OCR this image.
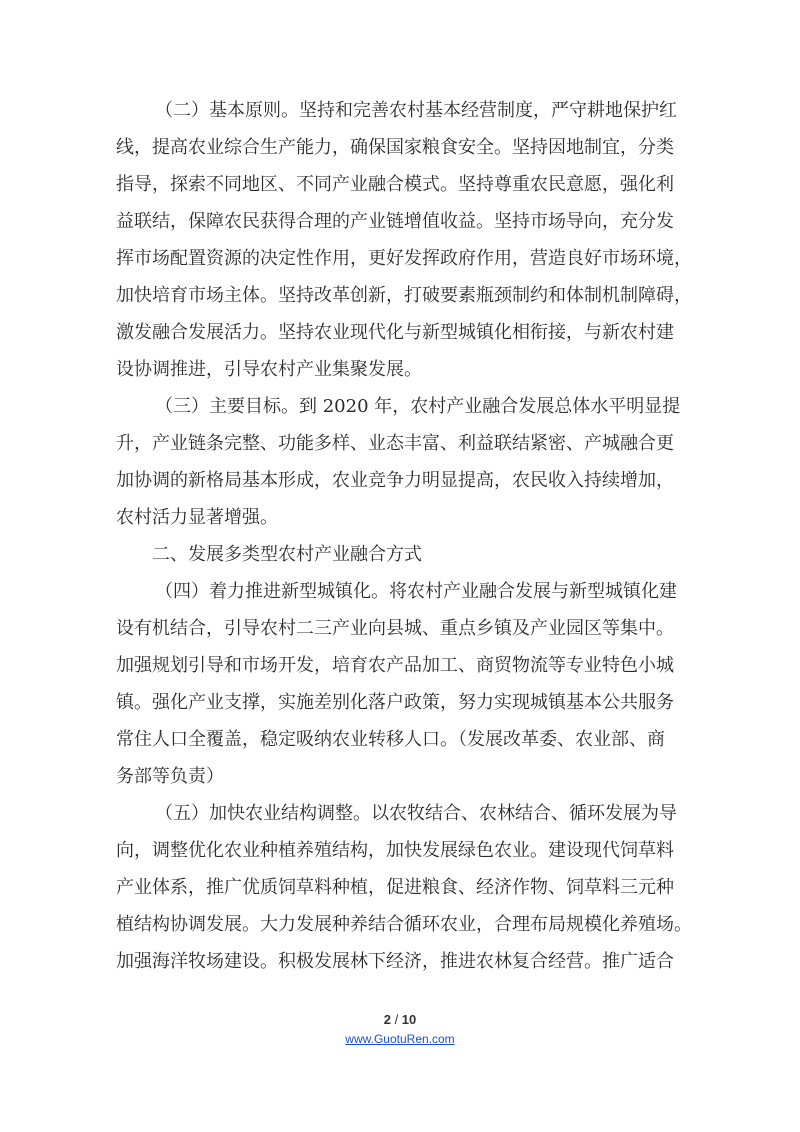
（二）基本原则。坚持和完善农村基本经营制度，严守耕地保护红
线，提高农业综合生产能力，确保国家粮食安全。坚持因地制宜，分类
指导，探索不同地区、不同产业融合模式。坚持尊重农民意愿，强化利
益联结，保障农民获得合理的产业链增值收益。坚持市场导向，充分发
挥市场配置资源的决定性作用，更好发挥政府作用，营造良好市场环境，
加快培育市场主体。坚持改革创新，打破要素瓶颈制约和体制机制障碍，
激发融合发展活力。坚持农业现代化与新型城镇化相衔接，与新农村建
设协调推进，引导农村产业集聚发展。
（三）主要目标。到 2020 年，农村产业融合发展总体水平明显提
升，产业链条完整、功能多样、业态丰富、利益联结紧密、产城融合更
加协调的新格局基本形成，农业竞争力明显提高，农民收入持续增加，
农村活力显著增强。
二、发展多类型农村产业融合方式
（四）着力推进新型城镇化。将农村产业融合发展与新型城镇化建
设有机结合，引导农村二三产业向县城、重点乡镇及产业园区等集中。
加强规划引导和市场开发，培育农产品加工、商贸物流等专业特色小城
镇。强化产业支撑，实施差别化落户政策，努力实现城镇基本公共服务
常住人口全覆盖，稳定吸纳农业转移人口。（发展改革委、农业部、商
务部等负责）
（五）加快农业结构调整。以农牧结合、农林结合、循环发展为导
向，调整优化农业种植养殖结构，加快发展绿色农业。建设现代饲草料
产业体系，推广优质饲草料种植，促进粮食、经济作物、饲草料三元种
植结构协调发展。大力发展种养结合循环农业，合理布局规模化养殖场。
加强海洋牧场建设。积极发展林下经济，推进农林复合经营。推广适合
2 / 10
www.GuotuRen.com
